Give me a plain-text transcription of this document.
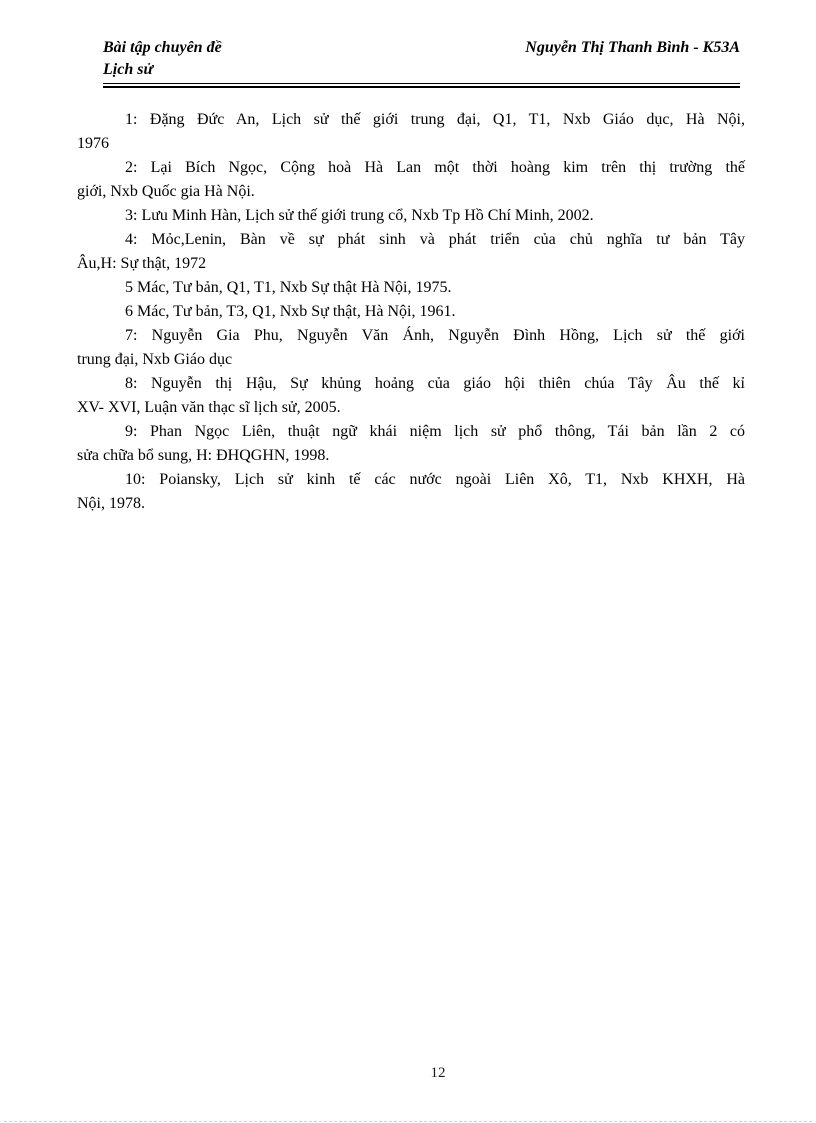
Bài tập chuyên đề	Nguyễn Thị Thanh Bình - K53A
Lịch sử
1: Đặng Đức An, Lịch sử thế giới trung đại, Q1, T1, Nxb Giáo dục, Hà Nội,
1976
2: Lại Bích Ngọc, Cộng hoà Hà Lan một thời hoàng kim trên thị trường thế
giới, Nxb Quốc gia Hà Nội.
3: Lưu Minh Hàn, Lịch sử thế giới trung cổ, Nxb Tp Hồ Chí Minh, 2002.
4: Mỏc,Lenin, Bàn về sự phát sinh và phát triển của chủ nghĩa tư bản Tây
Âu,H: Sự thật, 1972
5 Mác, Tư bản, Q1, T1, Nxb Sự thật Hà Nội, 1975.
6 Mác, Tư bản, T3, Q1, Nxb Sự thật, Hà Nội, 1961.
7: Nguyễn Gia Phu, Nguyễn Văn Ánh, Nguyễn Đình Hồng, Lịch sử thế giới
trung đại, Nxb Giáo dục
8: Nguyễn thị Hậu, Sự khủng hoảng của giáo hội thiên chúa Tây Âu thế kỉ
XV- XVI, Luận văn thạc sĩ lịch sử, 2005.
9: Phan Ngọc Liên, thuật ngữ khái niệm lịch sử phổ thông, Tái bản lần 2 có
sửa chữa bổ sung, H: ĐHQGHN, 1998.
10: Poiansky, Lịch sử kinh tế các nước ngoài Liên Xô, T1, Nxb KHXH, Hà
Nội, 1978.
12
